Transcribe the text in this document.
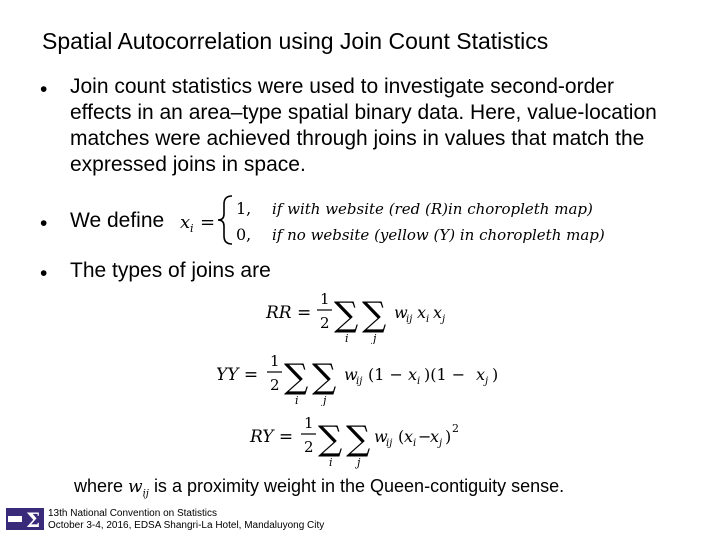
Spatial Autocorrelation using Join Count Statistics
• Join count statistics were used to investigate second-order effects in an area–type spatial binary data. Here, value-location matches were achieved through joins in values that match the expressed joins in space.
• We define x i =
1, if with website (red (R)in choropleth map)
0, if no website (yellow (Y) in choropleth map)
• The types of joins are
RR =
1
2 ∑
i
∑
j
w
ij x i x j
YY =
1
2 ∑
i
∑
j
w
ij (1 − x i )(1 − x j )
RY =
1
2 ∑
i
∑
j
w
ij ( x i −
x j ) 2
where $w_{ij}$ is a proximity weight in the Queen-contiguity sense.
Σ 13th National Convention on Statistics
October 3-4, 2016, EDSA Shangri-La Hotel, Mandaluyong City
